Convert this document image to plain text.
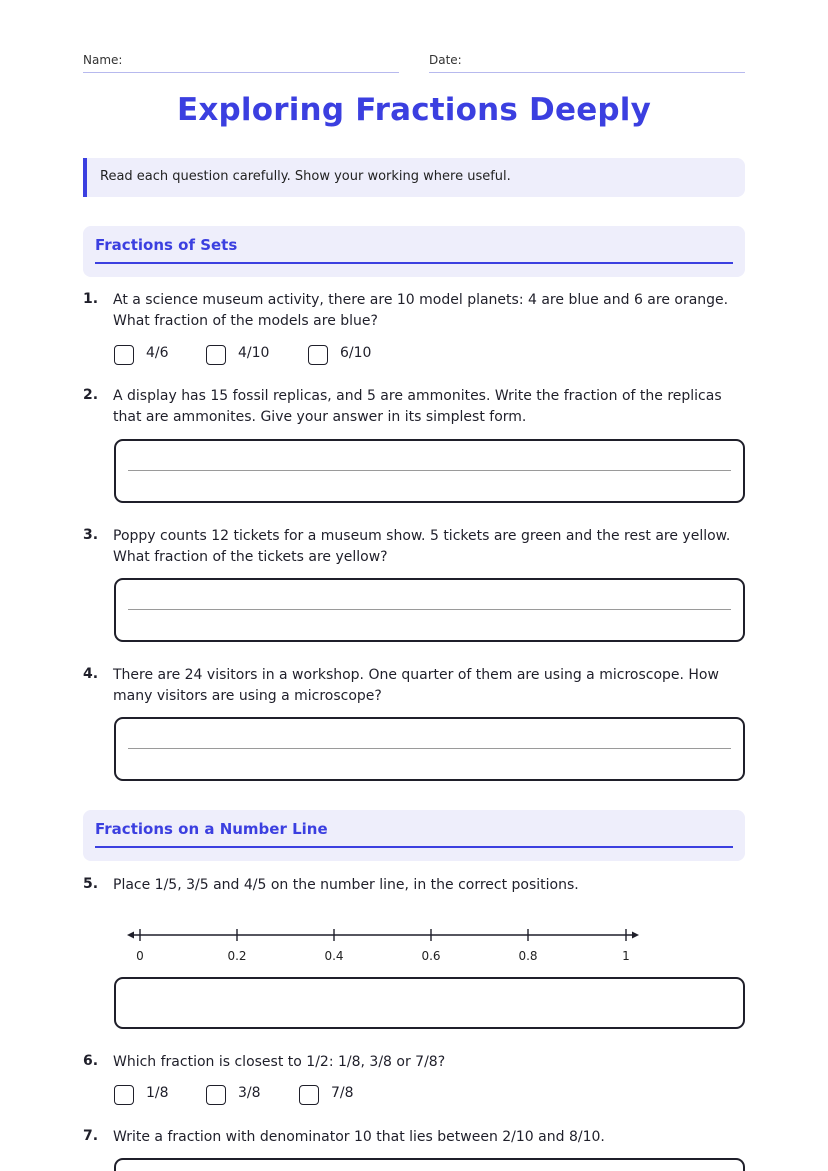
Name:	Date:
Exploring Fractions Deeply
Read each question carefully. Show your working where useful.
Fractions of Sets
1. At a science museum activity, there are 10 model planets: 4 are blue and 6 are orange. What fraction of the models are blue?
4/6	4/10	6/10
2. A display has 15 fossil replicas, and 5 are ammonites. Write the fraction of the replicas that are ammonites. Give your answer in its simplest form.
3. Poppy counts 12 tickets for a museum show. 5 tickets are green and the rest are yellow. What fraction of the tickets are yellow?
4. There are 24 visitors in a workshop. One quarter of them are using a microscope. How many visitors are using a microscope?
Fractions on a Number Line
5. Place 1/5, 3/5 and 4/5 on the number line, in the correct positions.
0	0.2	0.4	0.6	0.8	1
6. Which fraction is closest to 1/2: 1/8, 3/8 or 7/8?
1/8	3/8	7/8
7. Write a fraction with denominator 10 that lies between 2/10 and 8/10.
